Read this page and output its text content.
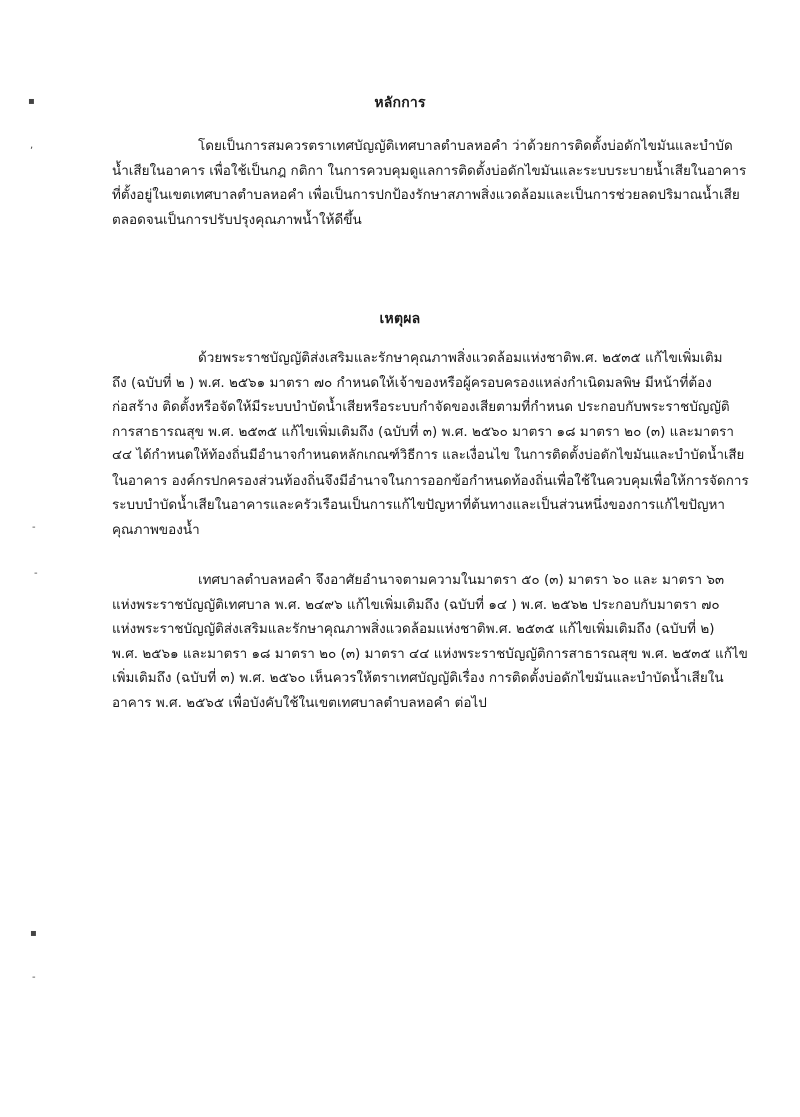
▪
,
-
-
▪
-
หลักการ

โดยเป็นการสมควรตราเทศบัญญัติเทศบาลตำบลหอคำ ว่าด้วยการติดตั้งบ่อดักไขมันและบำบัด
น้ำเสียในอาคาร เพื่อใช้เป็นกฎ กติกา ในการควบคุมดูแลการติดตั้งบ่อดักไขมันและระบบระบายน้ำเสียในอาคาร
ที่ตั้งอยู่ในเขตเทศบาลตำบลหอคำ เพื่อเป็นการปกป้องรักษาสภาพสิ่งแวดล้อมและเป็นการช่วยลดปริมาณน้ำเสีย
ตลอดจนเป็นการปรับปรุงคุณภาพน้ำให้ดีขึ้น

เหตุผล

ด้วยพระราชบัญญัติส่งเสริมและรักษาคุณภาพสิ่งแวดล้อมแห่งชาติพ.ศ. ๒๕๓๕ แก้ไขเพิ่มเติม
ถึง (ฉบับที่ ๒ ) พ.ศ. ๒๕๖๑ มาตรา ๗๐ กำหนดให้เจ้าของหรือผู้ครอบครองแหล่งกำเนิดมลพิษ มีหน้าที่ต้อง
ก่อสร้าง ติดตั้งหรือจัดให้มีระบบบำบัดน้ำเสียหรือระบบกำจัดของเสียตามที่กำหนด ประกอบกับพระราชบัญญัติ
การสาธารณสุข พ.ศ. ๒๕๓๕ แก้ไขเพิ่มเติมถึง (ฉบับที่ ๓) พ.ศ. ๒๕๖๐ มาตรา ๑๘ มาตรา ๒๐ (๓) และมาตรา
๔๔ ได้กำหนดให้ท้องถิ่นมีอำนาจกำหนดหลักเกณฑ์วิธีการ และเงื่อนไข ในการติดตั้งบ่อดักไขมันและบำบัดน้ำเสีย
ในอาคาร องค์กรปกครองส่วนท้องถิ่นจึงมีอำนาจในการออกข้อกำหนดท้องถิ่นเพื่อใช้ในควบคุมเพื่อให้การจัดการ
ระบบบำบัดน้ำเสียในอาคารและครัวเรือนเป็นการแก้ไขปัญหาที่ต้นทางและเป็นส่วนหนึ่งของการแก้ไขปัญหา
คุณภาพของน้ำ

เทศบาลตำบลหอคำ จึงอาศัยอำนาจตามความในมาตรา ๕๐ (๓) มาตรา ๖๐ และ มาตรา ๖๓
แห่งพระราชบัญญัติเทศบาล พ.ศ. ๒๔๙๖ แก้ไขเพิ่มเติมถึง (ฉบับที่ ๑๔ ) พ.ศ. ๒๕๖๒ ประกอบกับมาตรา ๗๐
แห่งพระราชบัญญัติส่งเสริมและรักษาคุณภาพสิ่งแวดล้อมแห่งชาติพ.ศ. ๒๕๓๕ แก้ไขเพิ่มเติมถึง (ฉบับที่ ๒)
พ.ศ. ๒๕๖๑ และมาตรา ๑๘ มาตรา ๒๐ (๓) มาตรา ๔๔ แห่งพระราชบัญญัติการสาธารณสุข พ.ศ. ๒๕๓๕ แก้ไข
เพิ่มเติมถึง (ฉบับที่ ๓) พ.ศ. ๒๕๖๐ เห็นควรให้ตราเทศบัญญัติเรื่อง การติดตั้งบ่อดักไขมันและบำบัดน้ำเสียใน
อาคาร พ.ศ. ๒๕๖๕ เพื่อบังคับใช้ในเขตเทศบาลตำบลหอคำ ต่อไป
